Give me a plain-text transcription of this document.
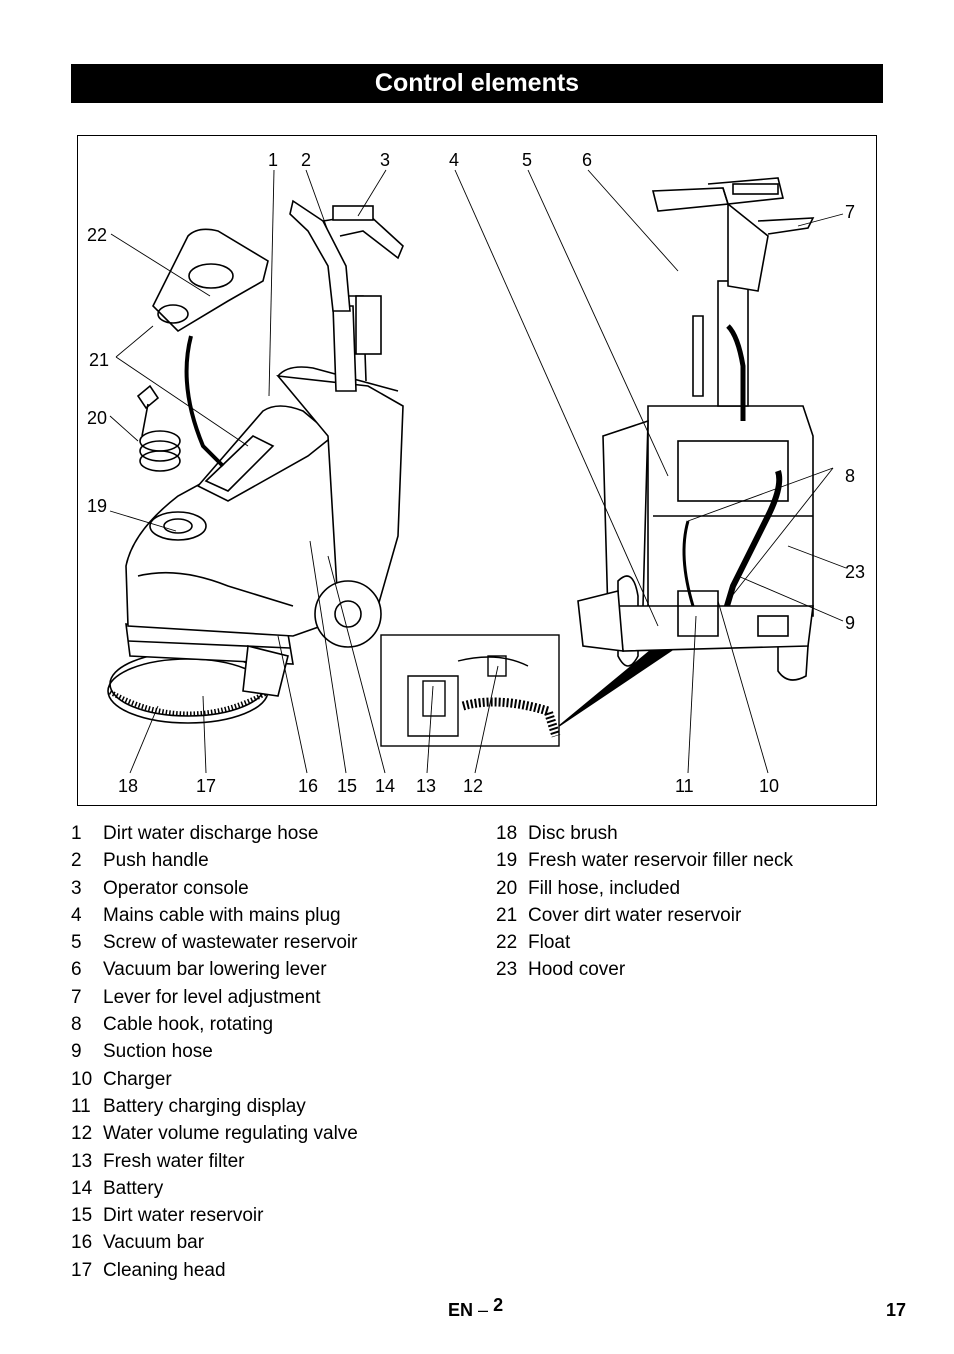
Control elements
1 2	3	4	5	6
7
8
9
10
11
12
13
14
15
16
17
18
19
20
21
22
23
1	Dirt water discharge hose
2	Push handle
3	Operator console
4	Mains cable with mains plug
5	Screw of wastewater reservoir
6	Vacuum bar lowering lever
7	Lever for level adjustment
8	Cable hook, rotating
9	Suction hose
10 Charger
11 Battery charging display
12 Water volume regulating valve
13 Fresh water filter
14 Battery
15 Dirt water reservoir
16 Vacuum bar
17 Cleaning head
18 Disc brush
19 Fresh water reservoir filler neck
20 Fill hose, included
21 Cover dirt water reservoir
22 Float
23 Hood cover
EN – 2	17
